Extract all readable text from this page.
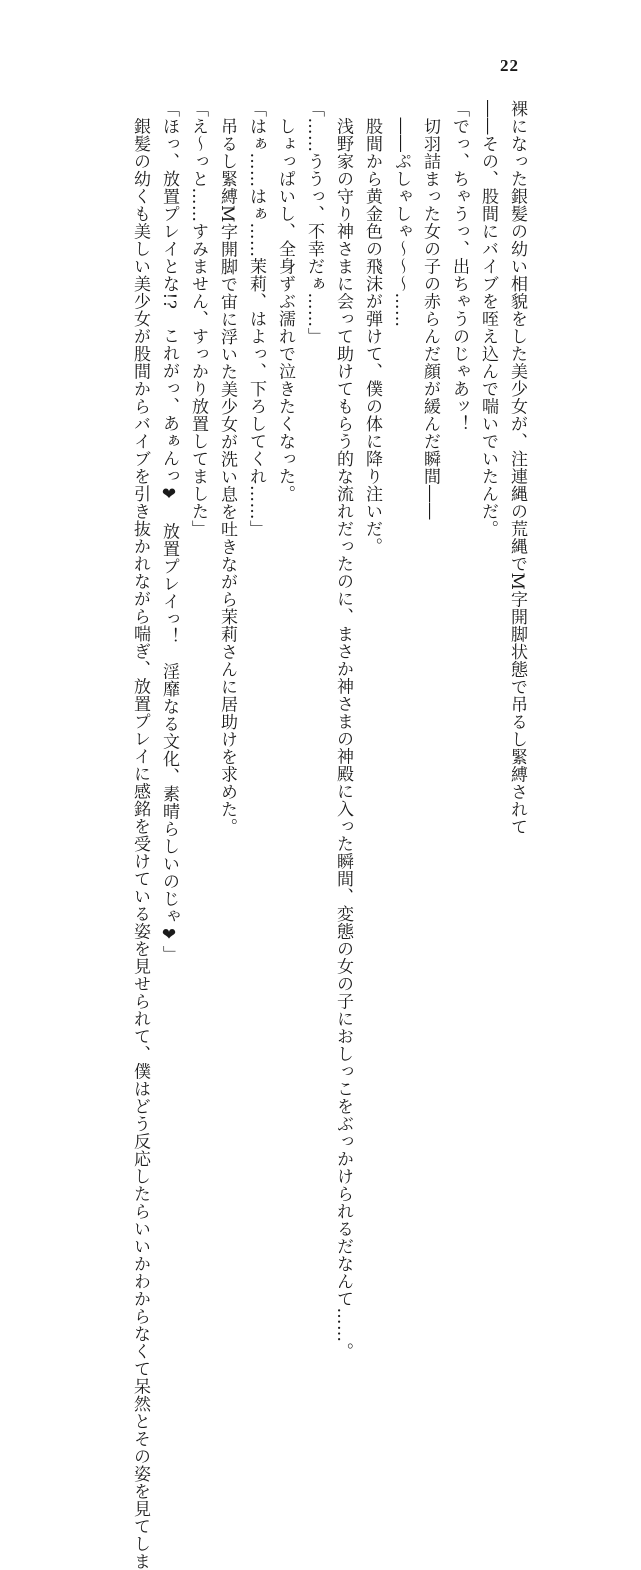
22
裸になった銀髪の幼い相貌をした美少女が、注連縄の荒縄でM字開脚状態で吊るし緊縛されて
――その、股間にバイブを咥え込んで喘いでいたんだ。
「でっ、ちゃうっ、出ちゃうのじゃあッ！
　切羽詰まった女の子の赤らんだ顔が緩んだ瞬間――
　――ぷしゃしゃ〜〜〜……
　股間から黄金色の飛沫が弾けて、僕の体に降り注いだ。
　浅野家の守り神さまに会って助けてもらう的な流れだったのに、まさか神さまの神殿に入った瞬間、変態の女の子におしっこをぶっかけられるだなんて……。
「……ううっ、不幸だぁ……」
　しょっぱいし、全身ずぶ濡れで泣きたくなった。
「はぁ……はぁ……茉莉、はよっ、下ろしてくれ……」
　吊るし緊縛M字開脚で宙に浮いた美少女が洗い息を吐きながら茉莉さんに居助けを求めた。
「え〜っと……すみません、すっかり放置してました」
「ほっ、放置プレイとな!?　これがっ、あぁんっ❤　放置プレイっ！　淫靡なる文化、素晴らしいのじゃ❤」
　銀髪の幼くも美しい美少女が股間からバイブを引き抜かれながら喘ぎ、放置プレイに感銘を受けている姿を見せられて、僕はどう反応したらいいかわからなくて呆然とその姿を見てしま
